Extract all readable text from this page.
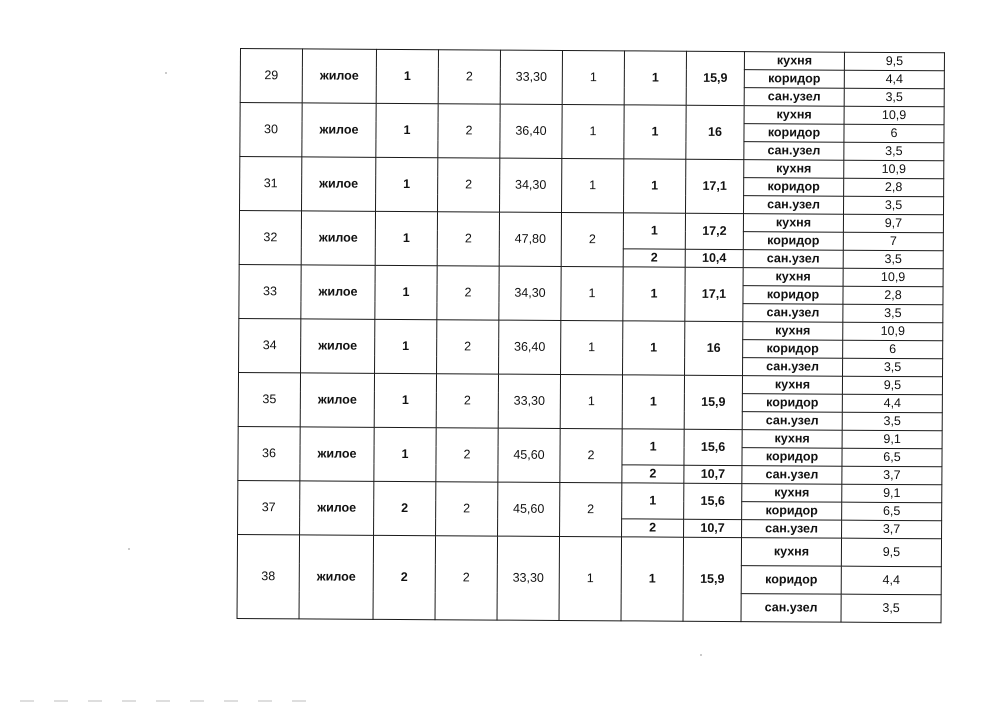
29	жилое	1	2	33,30	1	1	15,9	кухня	9,5
								коридор	4,4
								сан.узел	3,5
30	жилое	1	2	36,40	1	1	16	кухня	10,9
								коридор	6
								сан.узел	3,5
31	жилое	1	2	34,30	1	1	17,1	кухня	10,9
								коридор	2,8
								сан.узел	3,5
32	жилое	1	2	47,80	2	1	17,2	кухня	9,7
								коридор	7
						2	10,4	сан.узел	3,5
33	жилое	1	2	34,30	1	1	17,1	кухня	10,9
								коридор	2,8
								сан.узел	3,5
34	жилое	1	2	36,40	1	1	16	кухня	10,9
								коридор	6
								сан.узел	3,5
35	жилое	1	2	33,30	1	1	15,9	кухня	9,5
								коридор	4,4
								сан.узел	3,5
36	жилое	1	2	45,60	2	1	15,6	кухня	9,1
								коридор	6,5
						2	10,7	сан.узел	3,7
37	жилое	2	2	45,60	2	1	15,6	кухня	9,1
								коридор	6,5
						2	10,7	сан.узел	3,7
38	жилое	2	2	33,30	1	1	15,9	кухня	9,5
								коридор	4,4
								сан.узел	3,5
